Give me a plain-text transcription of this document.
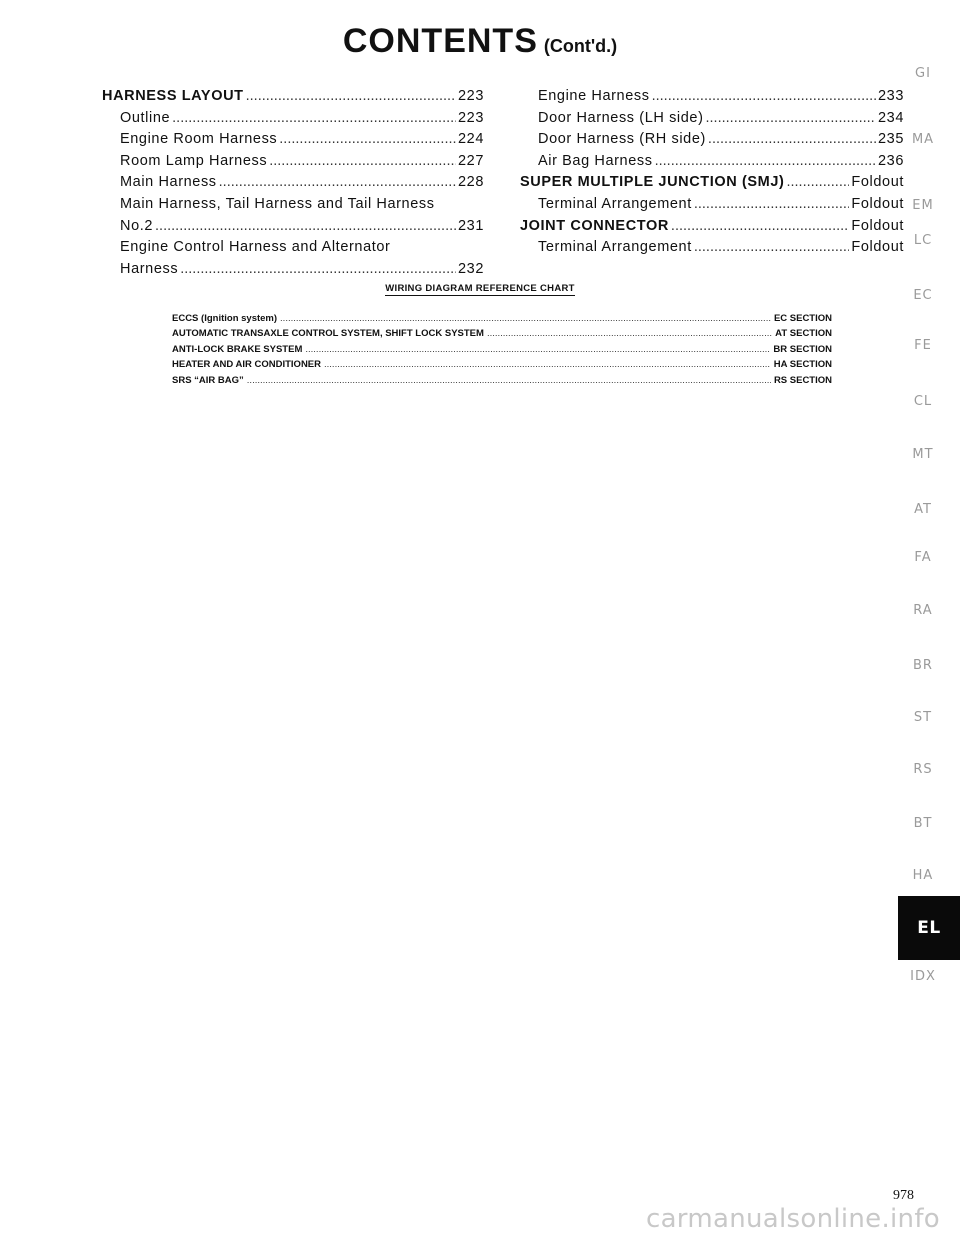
CONTENTS (Cont'd.)
HARNESS LAYOUT .....	223
Outline .....	223
Engine Room Harness .....	224
Room Lamp Harness .....	227
Main Harness .....	228
Main Harness, Tail Harness and Tail Harness
No.2 .....	231
Engine Control Harness and Alternator
Harness .....	232
Engine Harness .....	233
Door Harness (LH side) .....	234
Door Harness (RH side) .....	235
Air Bag Harness .....	236
SUPER MULTIPLE JUNCTION (SMJ) .....	Foldout
Terminal Arrangement .....	Foldout
JOINT CONNECTOR .....	Foldout
Terminal Arrangement .....	Foldout
WIRING DIAGRAM REFERENCE CHART
ECCS (Ignition system) .....	EC SECTION
AUTOMATIC TRANSAXLE CONTROL SYSTEM, SHIFT LOCK SYSTEM .....	AT SECTION
ANTI-LOCK BRAKE SYSTEM .....	BR SECTION
HEATER AND AIR CONDITIONER .....	HA SECTION
SRS “AIR BAG” .....	RS SECTION
GI
MA
EM
LC
EC
FE
CL
MT
AT
FA
RA
BR
ST
RS
BT
HA
EL
IDX
978
carmanualsonline.info
